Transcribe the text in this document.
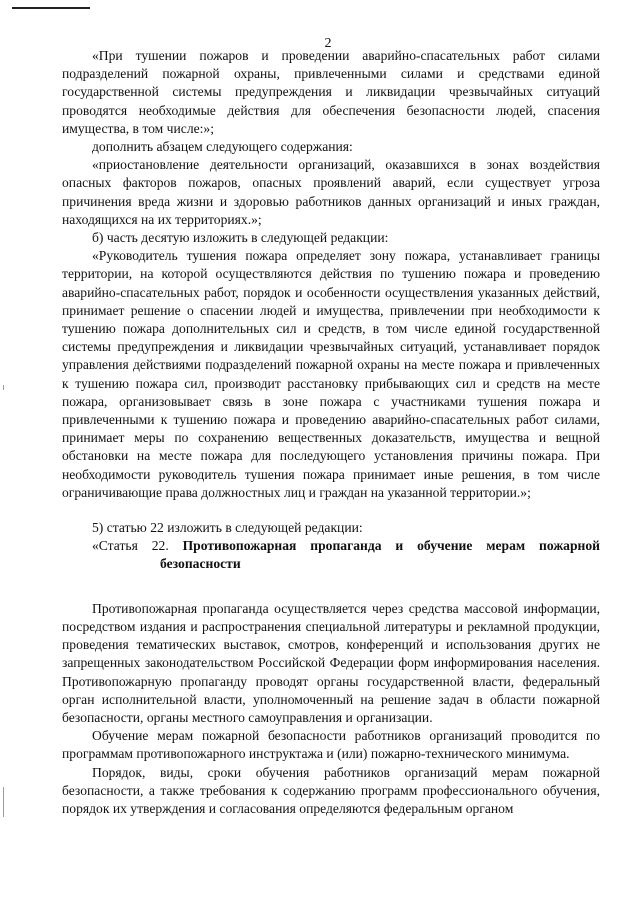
2

«При тушении пожаров и проведении аварийно-спасательных работ силами подразделений пожарной охраны, привлеченными силами и средствами единой государственной системы предупреждения и ликвидации чрезвычайных ситуаций проводятся необходимые действия для обеспечения безопасности людей, спасения имущества, в том числе:»;

дополнить абзацем следующего содержания:

«приостановление деятельности организаций, оказавшихся в зонах воздействия опасных факторов пожаров, опасных проявлений аварий, если существует угроза причинения вреда жизни и здоровью работников данных организаций и иных граждан, находящихся на их территориях.»;

б) часть десятую изложить в следующей редакции:

«Руководитель тушения пожара определяет зону пожара, устанавливает границы территории, на которой осуществляются действия по тушению пожара и проведению аварийно-спасательных работ, порядок и особенности осуществления указанных действий, принимает решение о спасении людей и имущества, привлечении при необходимости к тушению пожара дополнительных сил и средств, в том числе единой государственной системы предупреждения и ликвидации чрезвычайных ситуаций, устанавливает порядок управления действиями подразделений пожарной охраны на месте пожара и привлеченных к тушению пожара сил, производит расстановку прибывающих сил и средств на месте пожара, организовывает связь в зоне пожара с участниками тушения пожара и привлеченными к тушению пожара и проведению аварийно-спасательных работ силами, принимает меры по сохранению вещественных доказательств, имущества и вещной обстановки на месте пожара для последующего установления причины пожара. При необходимости руководитель тушения пожара принимает иные решения, в том числе ограничивающие права должностных лиц и граждан на указанной территории.»;

5) статью 22 изложить в следующей редакции:

«Статья 22. Противопожарная пропаганда и обучение мерам пожарной безопасности

Противопожарная пропаганда осуществляется через средства массовой информации, посредством издания и распространения специальной литературы и рекламной продукции, проведения тематических выставок, смотров, конференций и использования других не запрещенных законодательством Российской Федерации форм информирования населения. Противопожарную пропаганду проводят органы государственной власти, федеральный орган исполнительной власти, уполномоченный на решение задач в области пожарной безопасности, органы местного самоуправления и организации.

Обучение мерам пожарной безопасности работников организаций проводится по программам противопожарного инструктажа и (или) пожарно-технического минимума.

Порядок, виды, сроки обучения работников организаций мерам пожарной безопасности, а также требования к содержанию программ профессионального обучения, порядок их утверждения и согласования определяются федеральным органом
